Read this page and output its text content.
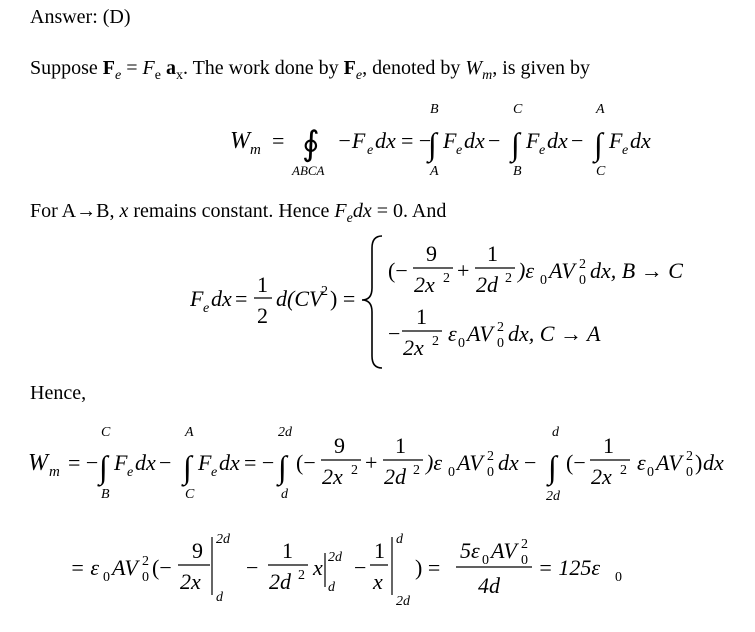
Answer: (D)
Suppose $F_e = F_e$ $a_x$. The work done by $F_e$, denoted by $W_m$, is given by
W m = ∮
ABCA
−F e dx = −
B
∫
A
F e dx −
C
∫
B
F e dx −
A
∫
C
F e dx
For A→B, x remains constant. Hence $F_edx = 0$. And
F e dx =
1
2
d(CV
2 ) =
(−
9
2x 2 +
1
2d 2 )ε 0 AV 2
0 dx, B → C
−
1
2x 2 ε 0 AV 2
0 dx, C → A
Hence,
W m = −
C
∫
B
F e dx −
A
∫
C
F e dx = −
2d
∫
d
(−
9
2x 2 +
1
2d 2 )ε 0 AV 2
0 dx −
d
∫
2d
(−
1
2x 2 ε 0 AV 2
0 ) dx
= ε 0 AV 2
0 (−
9
2x
2d
d
−
1
2d 2 x 2d
d
−
1
x
d
2d
) =
5ε 0 AV 2
0
4d
= 125ε 0
